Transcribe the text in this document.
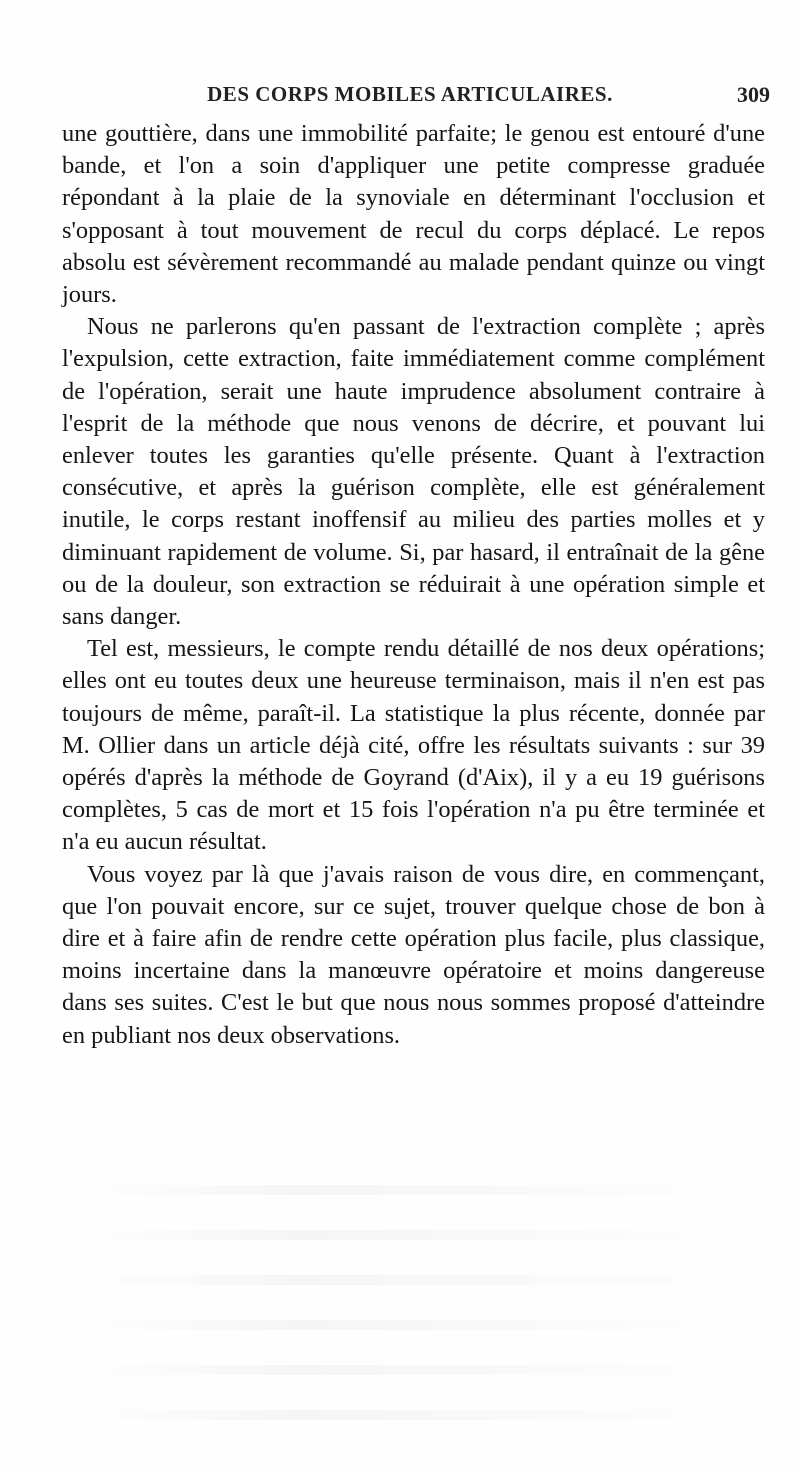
DES CORPS MOBILES ARTICULAIRES.	309

une gouttière, dans une immobilité parfaite; le genou est entouré d'une bande, et l'on a soin d'appliquer une petite compresse graduée répondant à la plaie de la synoviale en déterminant l'occlusion et s'opposant à tout mouvement de recul du corps déplacé. Le repos absolu est sévèrement recommandé au malade pendant quinze ou vingt jours.

Nous ne parlerons qu'en passant de l'extraction complète ; après l'expulsion, cette extraction, faite immédiatement comme complément de l'opération, serait une haute imprudence absolument contraire à l'esprit de la méthode que nous venons de décrire, et pouvant lui enlever toutes les garanties qu'elle présente. Quant à l'extraction consécutive, et après la guérison complète, elle est généralement inutile, le corps restant inoffensif au milieu des parties molles et y diminuant rapidement de volume. Si, par hasard, il entraînait de la gêne ou de la douleur, son extraction se réduirait à une opération simple et sans danger.

Tel est, messieurs, le compte rendu détaillé de nos deux opérations; elles ont eu toutes deux une heureuse terminaison, mais il n'en est pas toujours de même, paraît-il. La statistique la plus récente, donnée par M. Ollier dans un article déjà cité, offre les résultats suivants : sur 39 opérés d'après la méthode de Goyrand (d'Aix), il y a eu 19 guérisons complètes, 5 cas de mort et 15 fois l'opération n'a pu être terminée et n'a eu aucun résultat.

Vous voyez par là que j'avais raison de vous dire, en commençant, que l'on pouvait encore, sur ce sujet, trouver quelque chose de bon à dire et à faire afin de rendre cette opération plus facile, plus classique, moins incertaine dans la manœuvre opératoire et moins dangereuse dans ses suites. C'est le but que nous nous sommes proposé d'atteindre en publiant nos deux observations.
